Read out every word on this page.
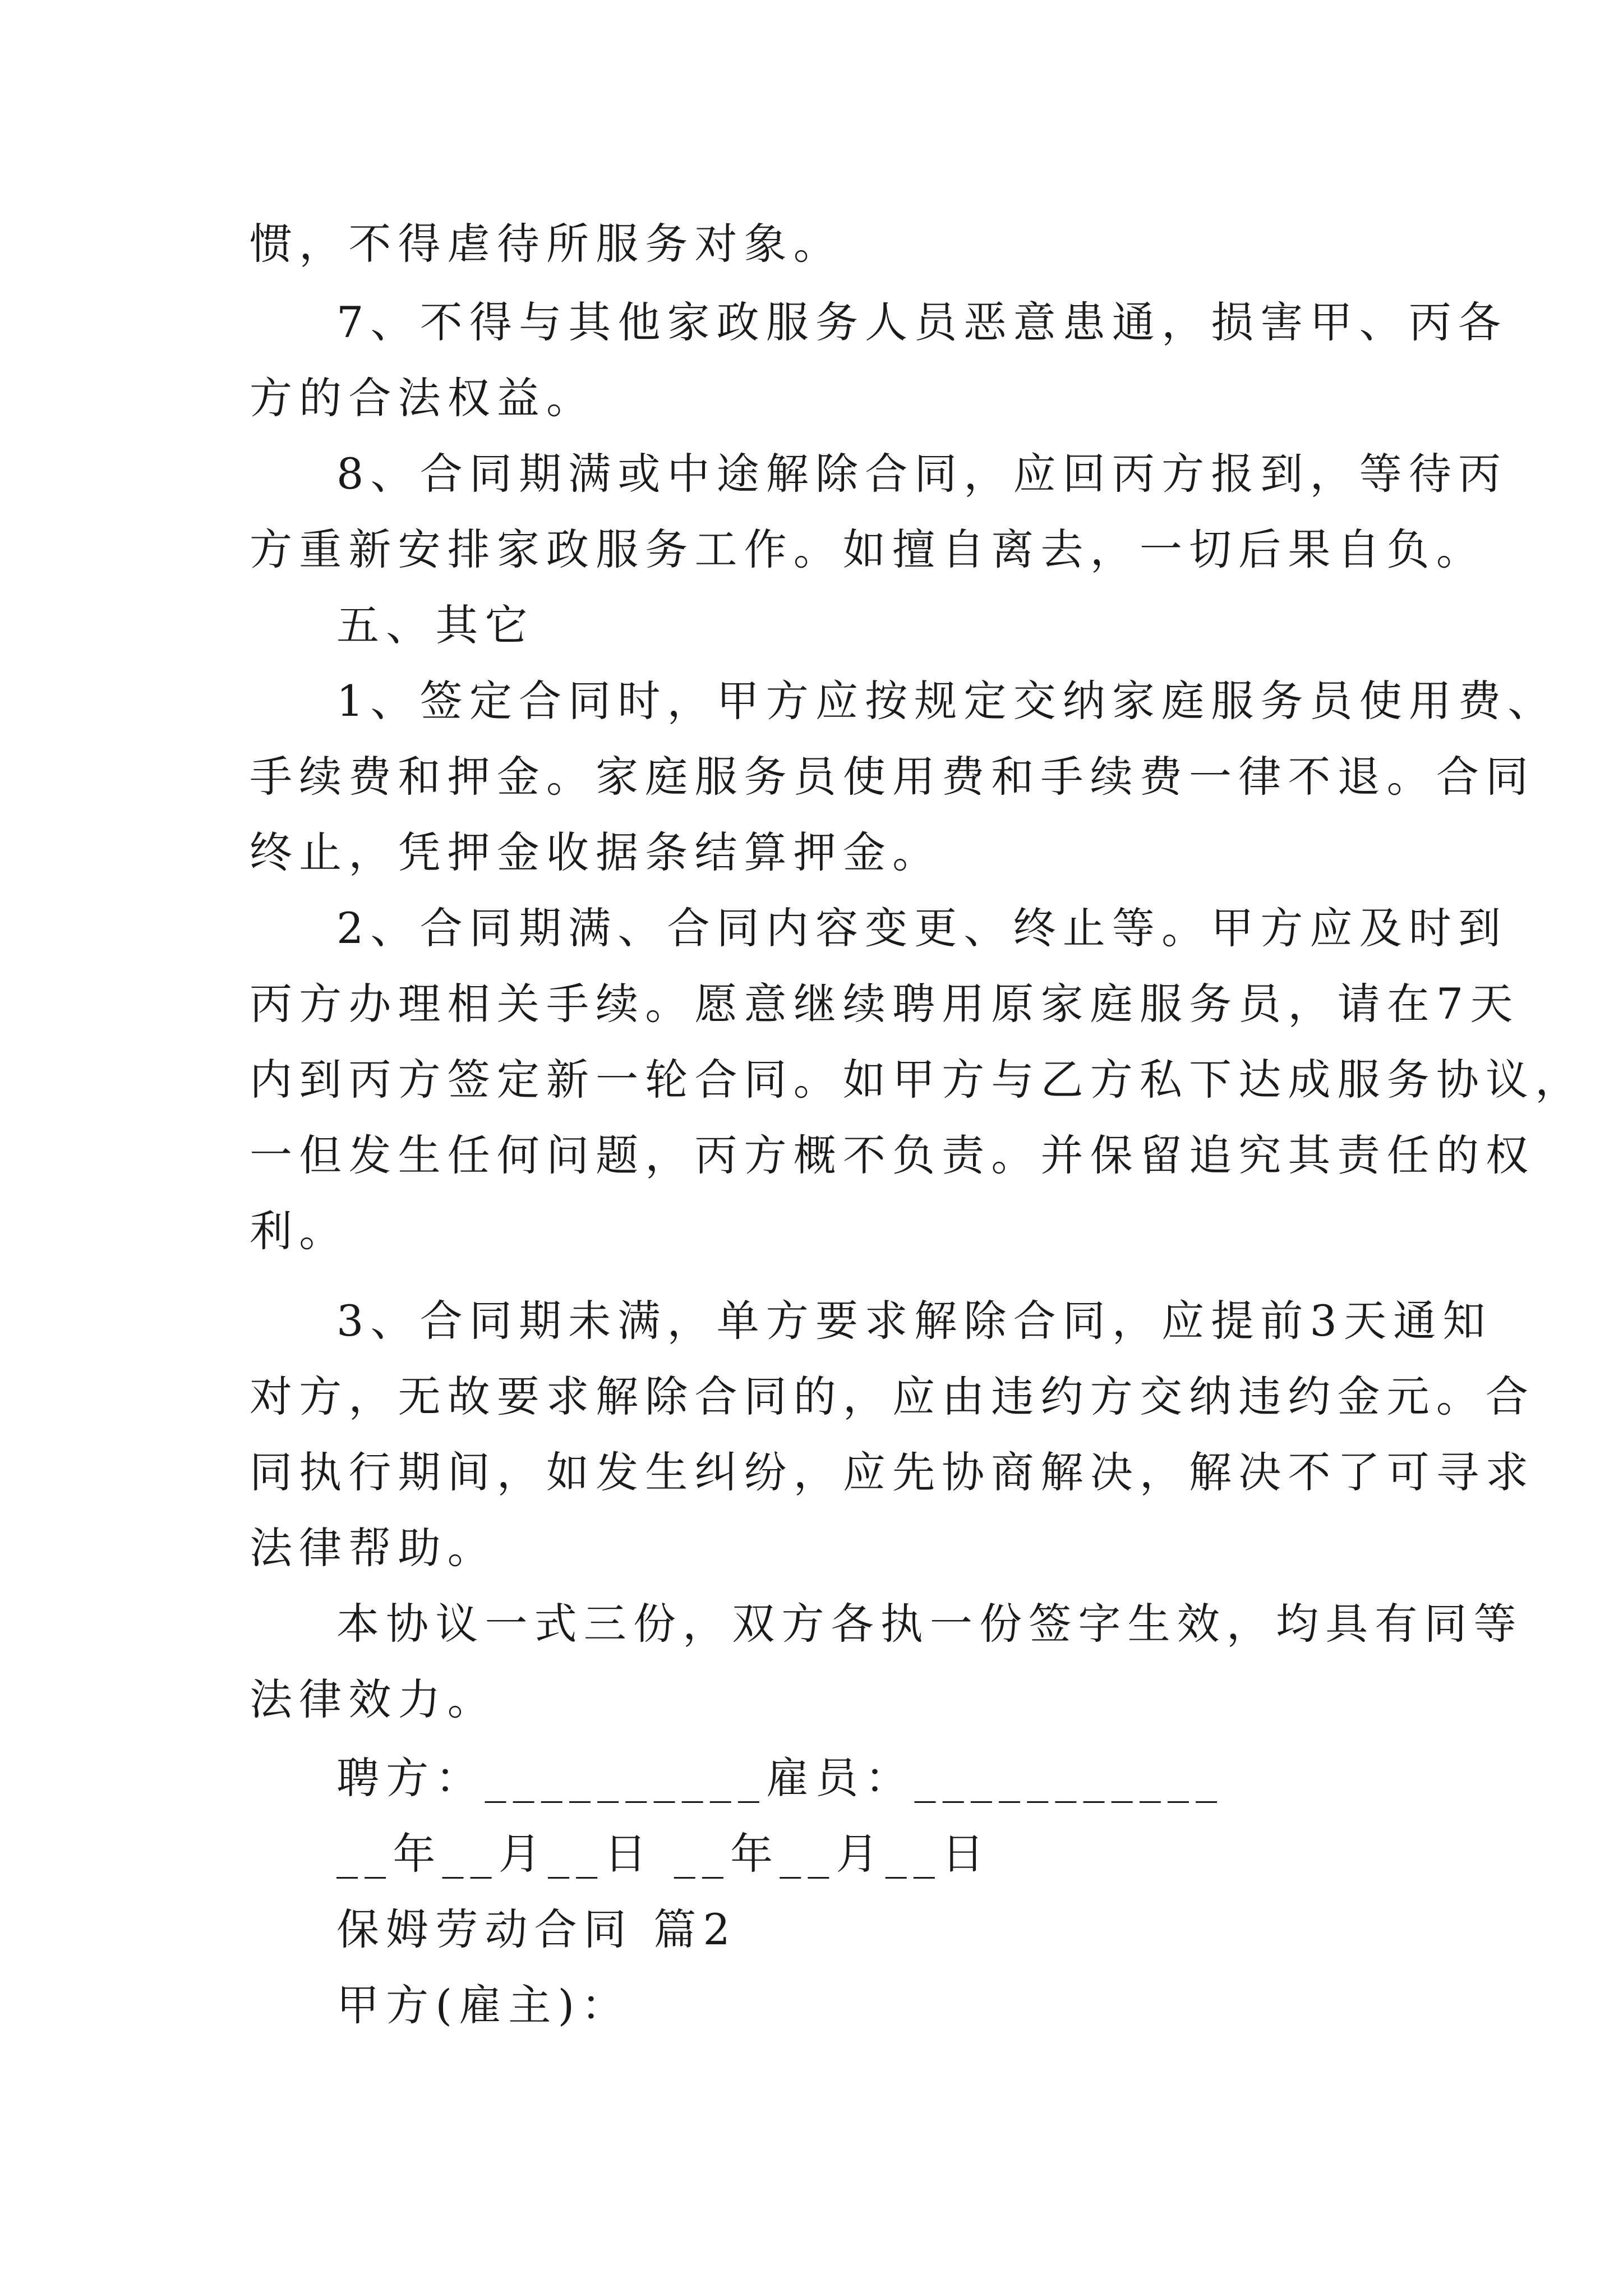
惯，不得虐待所服务对象。

7、不得与其他家政服务人员恶意患通，损害甲、丙各

方的合法权益。

8、合同期满或中途解除合同，应回丙方报到，等待丙

方重新安排家政服务工作。如擅自离去，一切后果自负。

五、其它

1、签定合同时，甲方应按规定交纳家庭服务员使用费、

手续费和押金。家庭服务员使用费和手续费一律不退。合同

终止，凭押金收据条结算押金。

2、合同期满、合同内容变更、终止等。甲方应及时到

丙方办理相关手续。愿意继续聘用原家庭服务员，请在7天

内到丙方签定新一轮合同。如甲方与乙方私下达成服务协议，

一但发生任何问题，丙方概不负责。并保留追究其责任的权

利。

3、合同期未满，单方要求解除合同，应提前3天通知

对方，无故要求解除合同的，应由违约方交纳违约金元。合

同执行期间，如发生纠纷，应先协商解决，解决不了可寻求

法律帮助。

本协议一式三份，双方各执一份签字生效，均具有同等

法律效力。

聘方：__________雇员：___________

__年__月__日 __年__月__日

保姆劳动合同 篇2

甲方(雇主)：
